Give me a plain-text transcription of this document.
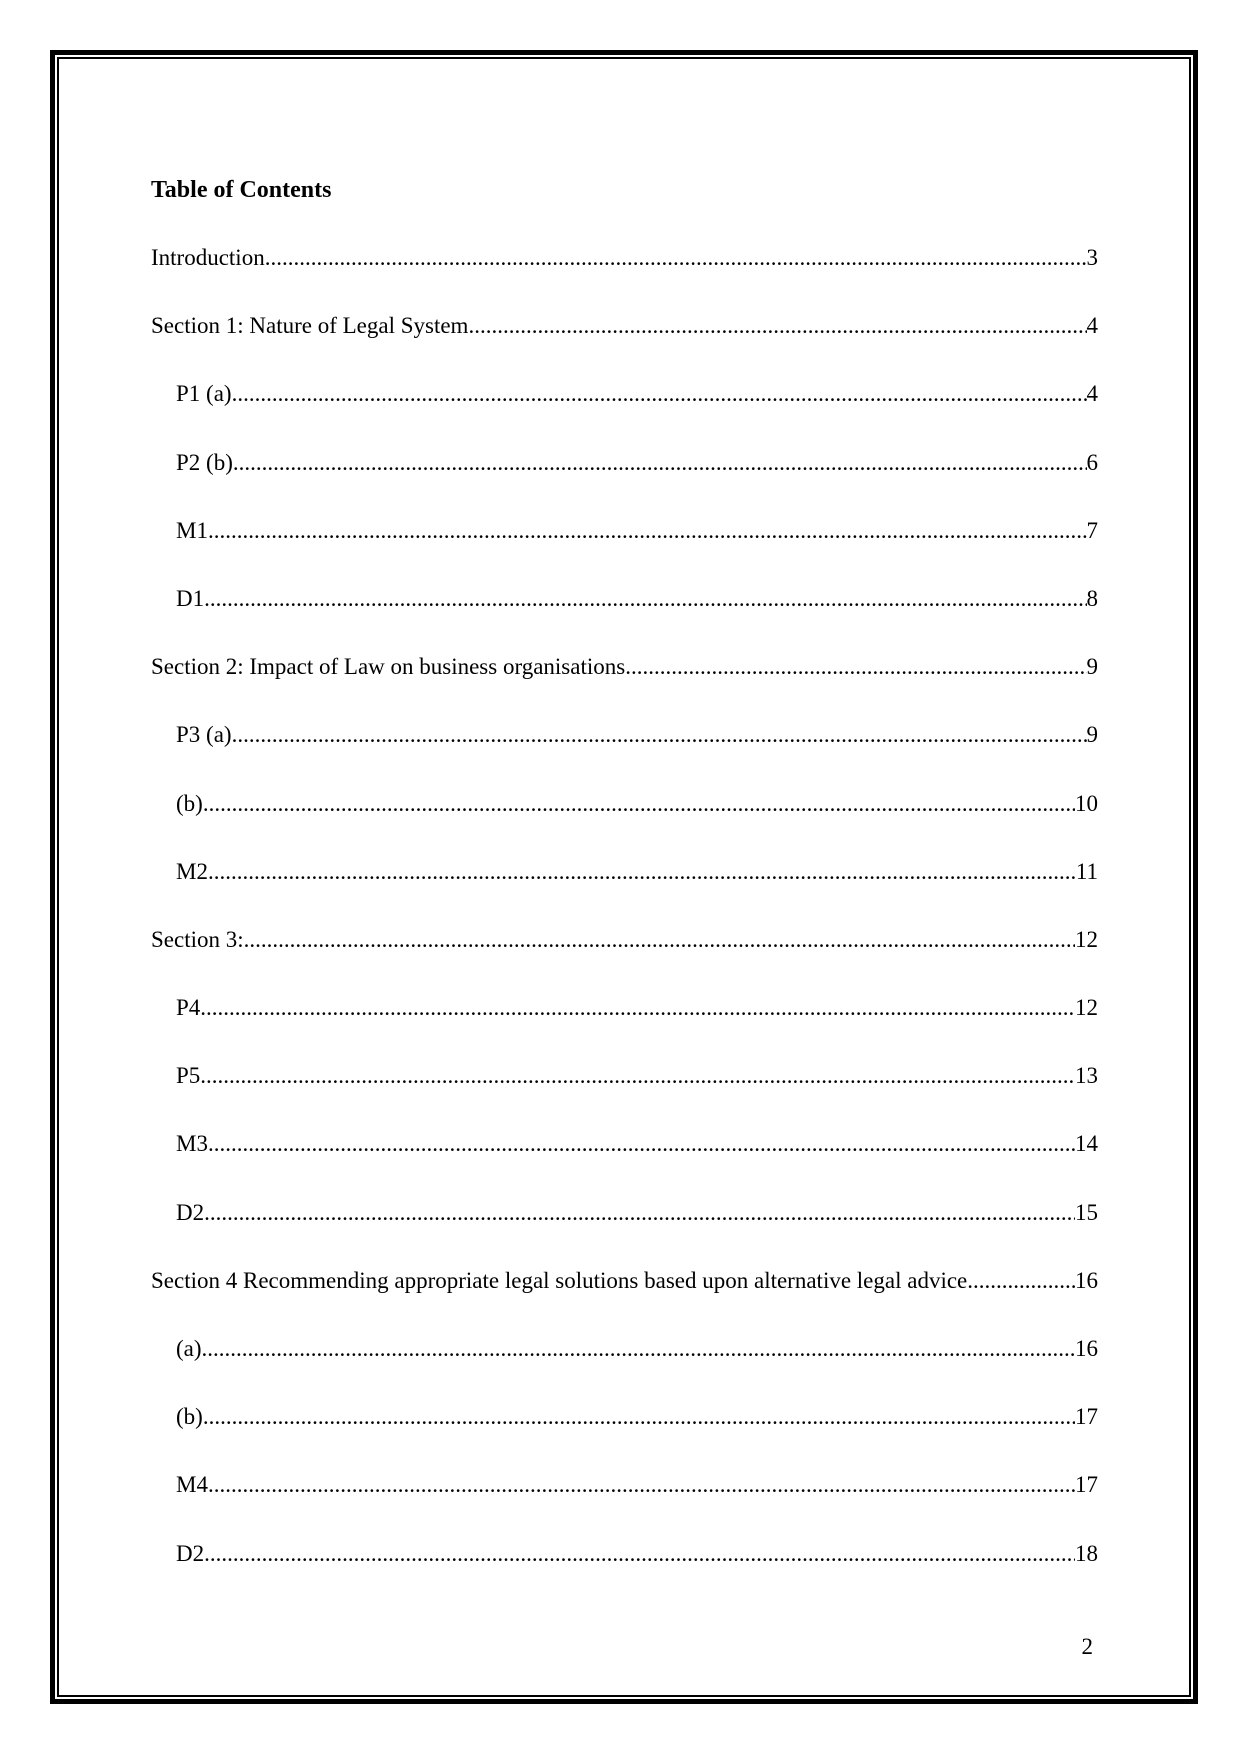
Table of Contents
Introduction .....	3
Section 1: Nature of Legal System .....	4
P1 (a) .....	4
P2 (b) .....	6
M1 .....	7
D1 .....	8
Section 2: Impact of Law on business organisations .....	9
P3 (a) .....	9
(b) .....	10
M2 .....	11
Section 3: .....	12
P4 .....	12
P5 .....	13
M3 .....	14
D2 .....	15
Section 4 Recommending appropriate legal solutions based upon alternative legal advice .....	16
(a) .....	16
(b) .....	17
M4 .....	17
D2 .....	18
2
